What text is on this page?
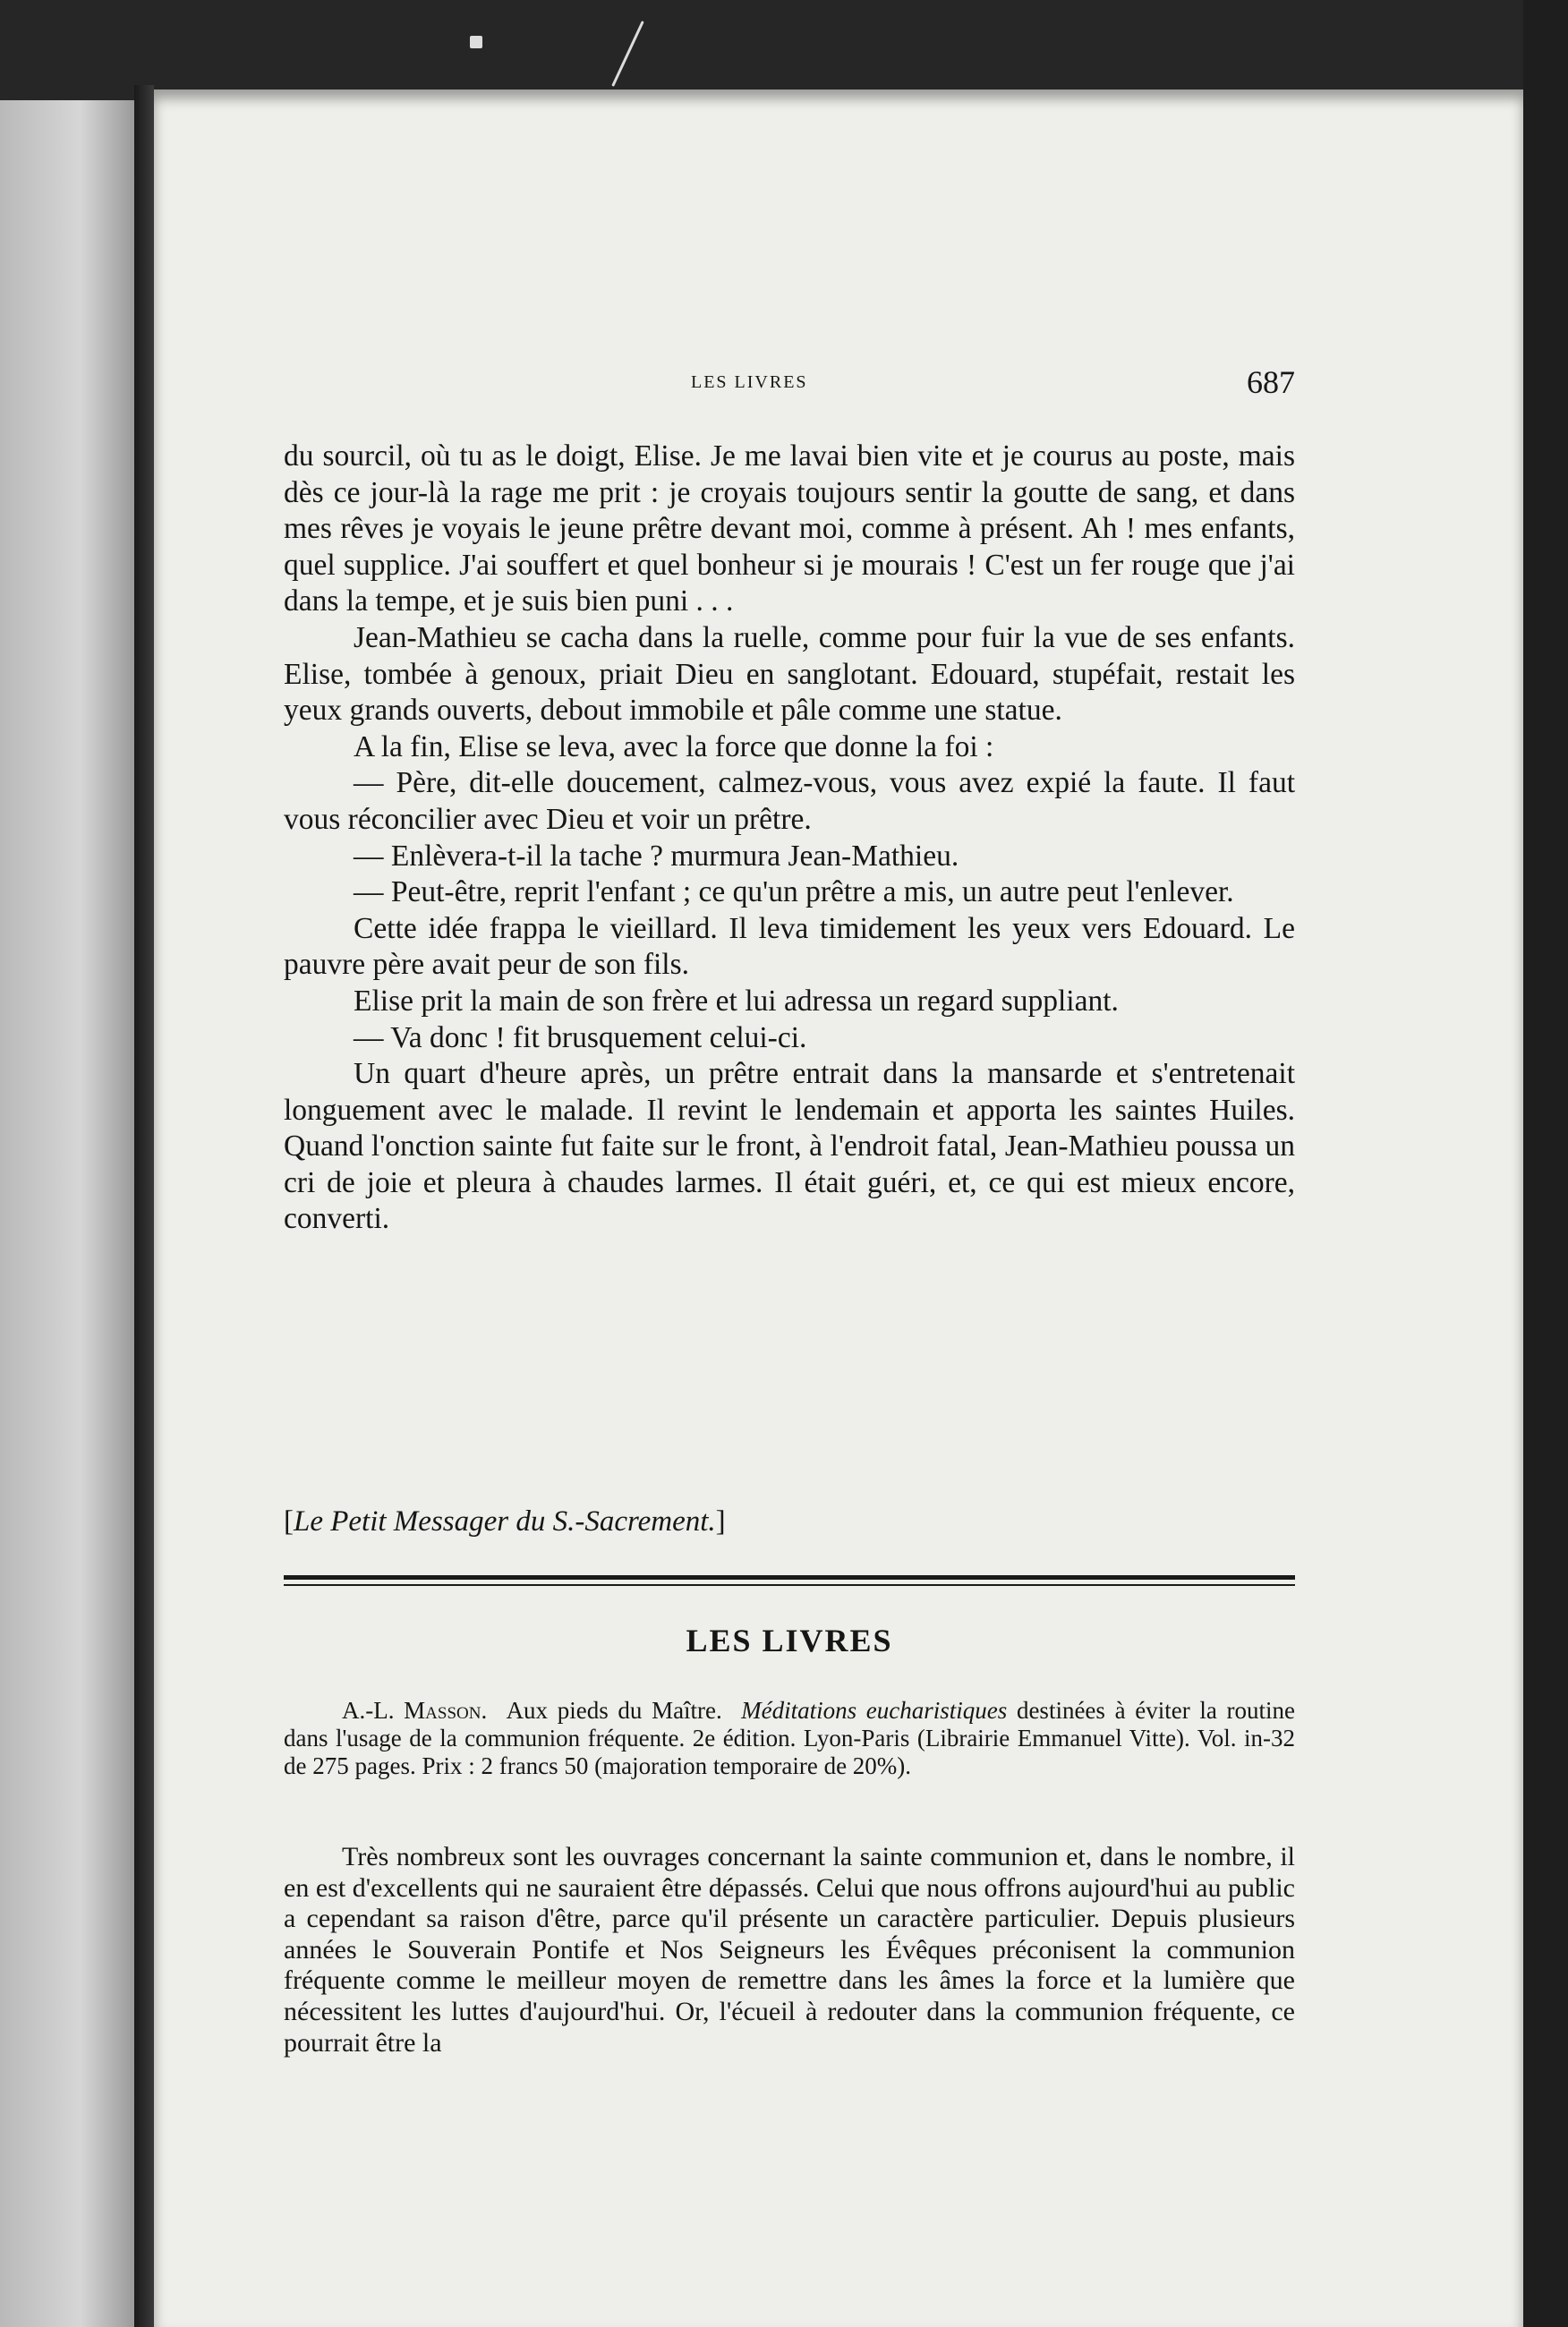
LES LIVRES	687

du sourcil, où tu as le doigt, Elise. Je me lavai bien vite et je courus au poste, mais dès ce jour-là la rage me prit : je croyais toujours sentir la goutte de sang, et dans mes rêves je voyais le jeune prêtre devant moi, comme à présent. Ah ! mes enfants, quel supplice. J'ai souffert et quel bonheur si je mourais ! C'est un fer rouge que j'ai dans la tempe, et je suis bien puni . . .

Jean-Mathieu se cacha dans la ruelle, comme pour fuir la vue de ses enfants. Elise, tombée à genoux, priait Dieu en sanglotant. Edouard, stupéfait, restait les yeux grands ouverts, debout immobile et pâle comme une statue.

A la fin, Elise se leva, avec la force que donne la foi :

— Père, dit-elle doucement, calmez-vous, vous avez expié la faute. Il faut vous réconcilier avec Dieu et voir un prêtre.

— Enlèvera-t-il la tache ? murmura Jean-Mathieu.

— Peut-être, reprit l'enfant ; ce qu'un prêtre a mis, un autre peut l'enlever.

Cette idée frappa le vieillard. Il leva timidement les yeux vers Edouard. Le pauvre père avait peur de son fils.

Elise prit la main de son frère et lui adressa un regard suppliant.

— Va donc ! fit brusquement celui-ci.

Un quart d'heure après, un prêtre entrait dans la mansarde et s'entretenait longuement avec le malade. Il revint le lendemain et apporta les saintes Huiles. Quand l'onction sainte fut faite sur le front, à l'endroit fatal, Jean-Mathieu poussa un cri de joie et pleura à chaudes larmes. Il était guéri, et, ce qui est mieux encore, converti.

[Le Petit Messager du S.-Sacrement.]
LES LIVRES

A.-L. Masson. Aux pieds du Maître. Méditations eucharistiques destinées à éviter la routine dans l'usage de la communion fréquente. 2e édition. Lyon-Paris (Librairie Emmanuel Vitte). Vol. in-32 de 275 pages. Prix : 2 francs 50 (majoration temporaire de 20%).

Très nombreux sont les ouvrages concernant la sainte communion et, dans le nombre, il en est d'excellents qui ne sauraient être dépassés. Celui que nous offrons aujourd'hui au public a cependant sa raison d'être, parce qu'il présente un caractère particulier. Depuis plusieurs années le Souverain Pontife et Nos Seigneurs les Évêques préconisent la communion fréquente comme le meilleur moyen de remettre dans les âmes la force et la lumière que nécessitent les luttes d'aujourd'hui. Or, l'écueil à redouter dans la communion fréquente, ce pourrait être la
